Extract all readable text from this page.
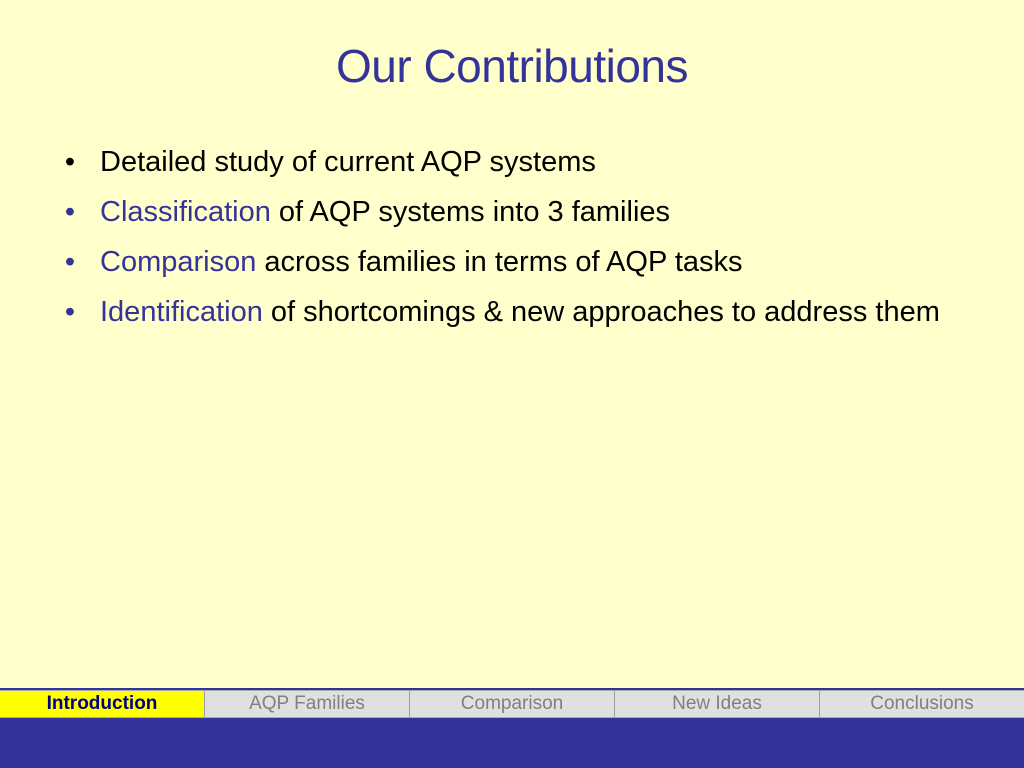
Our Contributions
• Detailed study of current AQP systems
• Classification of AQP systems into 3 families
• Comparison across families in terms of AQP tasks
• Identification of shortcomings & new approaches to address them
Introduction	AQP Families	Comparison	New Ideas	Conclusions
